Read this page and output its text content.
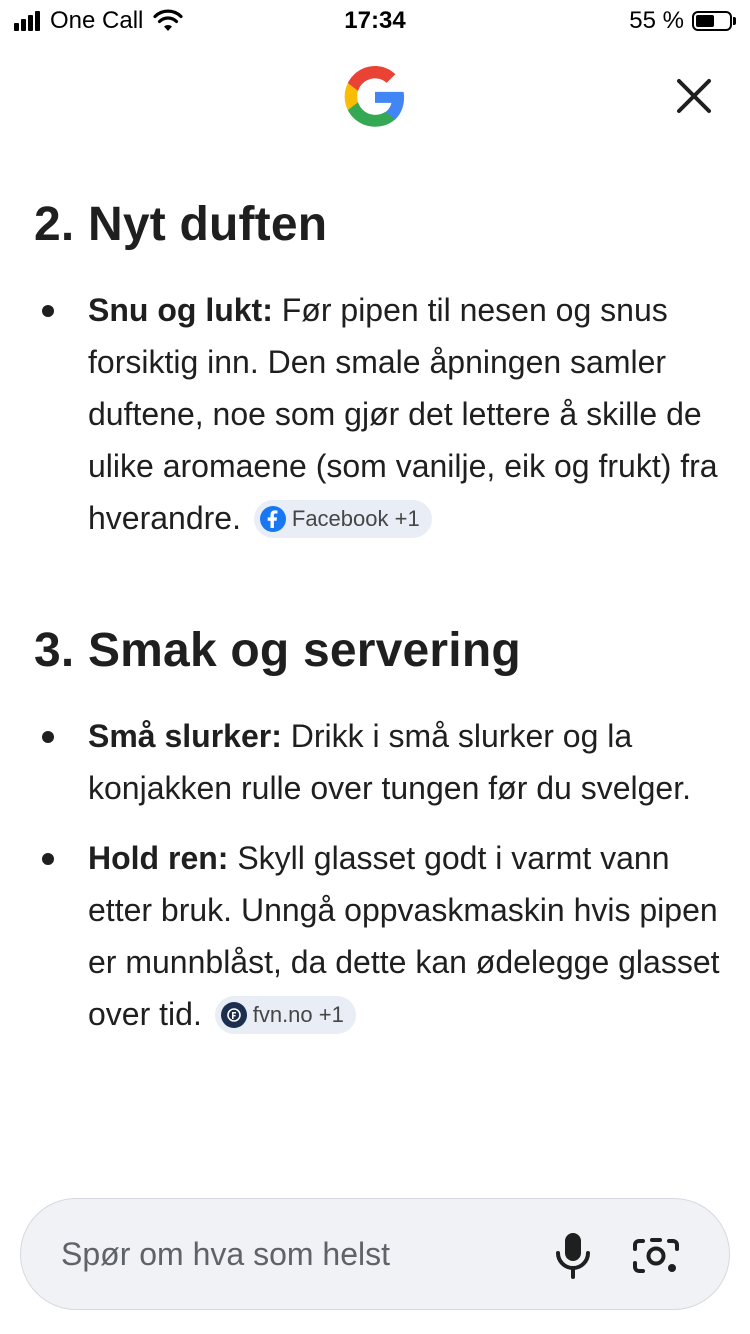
One Call	17:34	55 %
2. Nyt duften
Snu og lukt: Før pipen til nesen og snus forsiktig inn. Den smale åpningen samler duftene, noe som gjør det lettere å skille de ulike aromaene (som vanilje, eik og frukt) fra hverandre. Facebook +1
3. Smak og servering
Små slurker: Drikk i små slurker og la konjakken rulle over tungen før du svelger.
Hold ren: Skyll glasset godt i varmt vann etter bruk. Unngå oppvaskmaskin hvis pipen er munnblåst, da dette kan ødelegge glasset over tid. fvn.no +1
Spør om hva som helst
